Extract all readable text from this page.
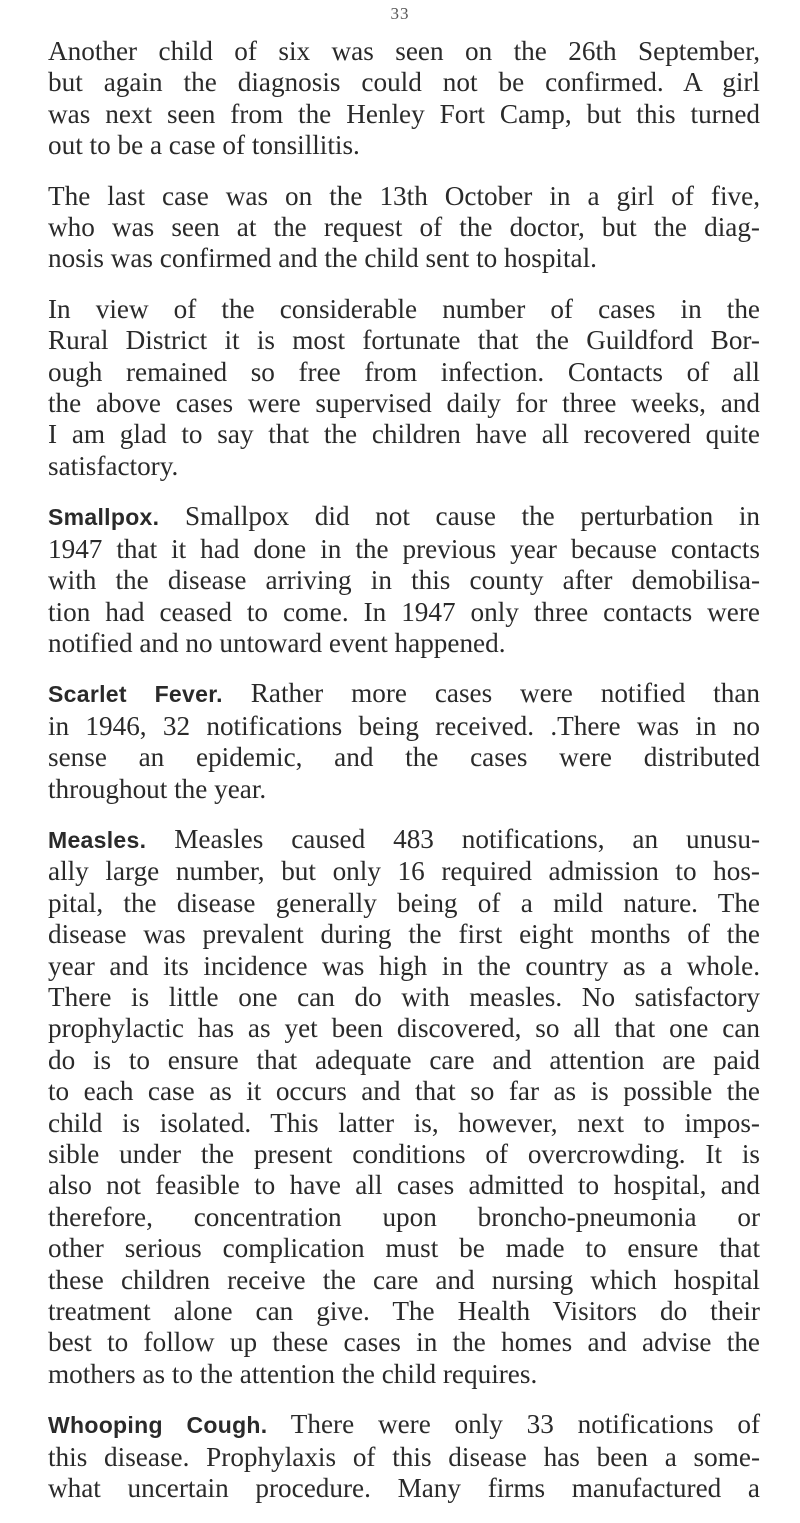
33

Another child of six was seen on the 26th September,
but again the diagnosis could not be confirmed. A girl
was next seen from the Henley Fort Camp, but this turned
out to be a case of tonsillitis.

The last case was on the 13th October in a girl of five,
who was seen at the request of the doctor, but the diag-
nosis was confirmed and the child sent to hospital.

In view of the considerable number of cases in the
Rural District it is most fortunate that the Guildford Bor-
ough remained so free from infection. Contacts of all
the above cases were supervised daily for three weeks, and
I am glad to say that the children have all recovered quite
satisfactory.

Smallpox. Smallpox did not cause the perturbation in
1947 that it had done in the previous year because contacts
with the disease arriving in this county after demobilisa-
tion had ceased to come. In 1947 only three contacts were
notified and no untoward event happened.

Scarlet Fever. Rather more cases were notified than
in 1946, 32 notifications being received. .There was in no
sense an epidemic, and the cases were distributed
throughout the year.

Measles. Measles caused 483 notifications, an unusu-
ally large number, but only 16 required admission to hos-
pital, the disease generally being of a mild nature. The
disease was prevalent during the first eight months of the
year and its incidence was high in the country as a whole.
There is little one can do with measles. No satisfactory
prophylactic has as yet been discovered, so all that one can
do is to ensure that adequate care and attention are paid
to each case as it occurs and that so far as is possible the
child is isolated. This latter is, however, next to impos-
sible under the present conditions of overcrowding. It is
also not feasible to have all cases admitted to hospital, and
therefore, concentration upon broncho-pneumonia or
other serious complication must be made to ensure that
these children receive the care and nursing which hospital
treatment alone can give. The Health Visitors do their
best to follow up these cases in the homes and advise the
mothers as to the attention the child requires.

Whooping Cough. There were only 33 notifications of
this disease. Prophylaxis of this disease has been a some-
what uncertain procedure. Many firms manufactured a
